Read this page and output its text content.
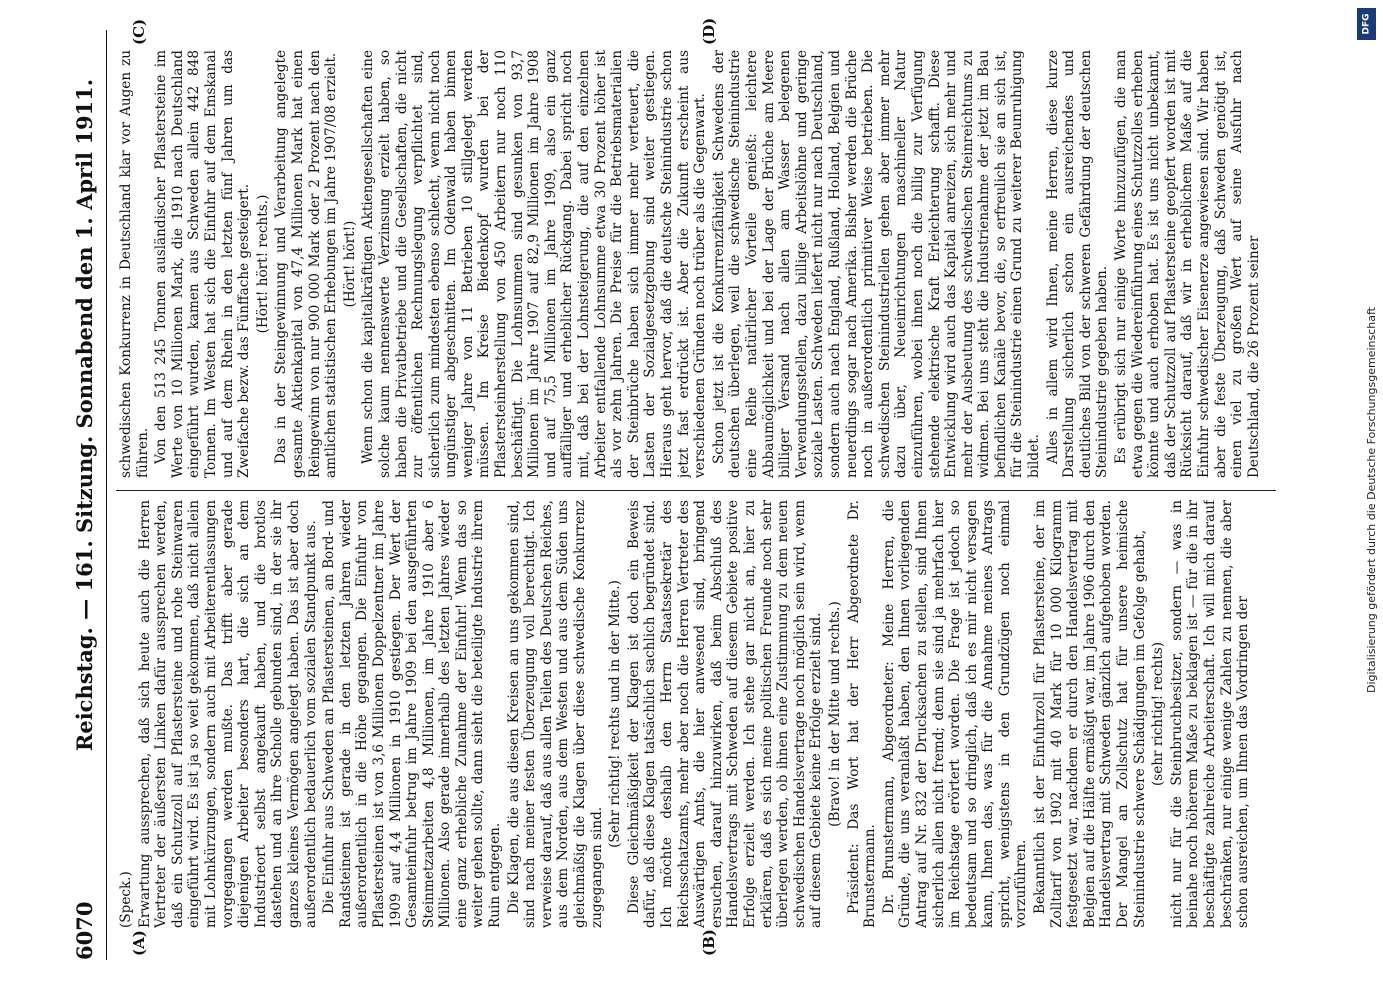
6070
Reichstag. — 161. Sitzung. Sonnabend den 1. April 1911.
(A)	(B)
(C)	(D)

(Speck.) Erwartung aussprechen, daß sich heute auch die Herren Vertreter der äußersten Linken dafür aussprechen werden, daß ein Schutzzoll auf Pflastersteine und rohe Steinwaren eingeführt wird. Es ist ja so weit gekommen, daß nicht allein mit Lohnkürzungen, sondern auch mit Arbeiterentlassungen vorgegangen werden mußte. Das trifft aber gerade diejenigen Arbeiter besonders hart, die sich an dem Industrieort selbst angekauft haben, und die brotlos dastehen und an ihre Scholle gebunden sind, in der sie ihr ganzes kleines Vermögen angelegt haben. Das ist aber doch außerordentlich bedauerlich vom sozialen Standpunkt aus. Die Einfuhr aus Schweden an Pflastersteinen, an Bord- und Randsteinen ist gerade in den letzten Jahren wieder außerordentlich in die Höhe gegangen. Die Einfuhr von Pflastersteinen ist von 3,6 Millionen Doppelzentner im Jahre 1909 auf 4,4 Millionen in 1910 gestiegen. Der Wert der Gesamteinfuhr betrug im Jahre 1909 bei den ausgeführten Steinmetzarbeiten 4,8 Millionen, im Jahre 1910 aber 6 Millionen. Also gerade innerhalb des letzten Jahres wieder eine ganz erhebliche Zunahme der Einfuhr! Wenn das so weiter gehen sollte, dann sieht die beteiligte Industrie ihrem Ruin entgegen. Die Klagen, die aus diesen Kreisen an uns gekommen sind, sind nach meiner festen Überzeugung voll berechtigt. Ich verweise darauf, daß aus allen Teilen des Deutschen Reiches, aus dem Norden, aus dem Westen und aus dem Süden uns gleichmäßig die Klagen über diese schwedische Konkurrenz zugegangen sind.

(Sehr richtig! rechts und in der Mitte.) Diese Gleichmäßigkeit der Klagen ist doch ein Beweis dafür, daß diese Klagen tatsächlich sachlich begründet sind. Ich möchte deshalb den Herrn Staatssekretär des Reichsschatzamts, mehr aber noch die Herren Vertreter des Auswärtigen Amts, die hier anwesend sind, bringend ersuchen, darauf hinzuwirken, daß beim Abschluß des Handelsvertrags mit Schweden auf diesem Gebiete positive Erfolge erzielt werden. Ich stehe gar nicht an, hier zu erklären, daß es sich meine politischen Freunde noch sehr überlegen werden, ob ihnen eine Zustimmung zu dem neuen schwedischen Handelsvertrage noch möglich sein wird, wenn auf diesem Gebiete keine Erfolge erzielt sind. (Bravo! in der Mitte und rechts.) Präsident: Das Wort hat der Herr Abgeordnete Dr. Brunstermann. Dr. Brunstermann, Abgeordneter: Meine Herren, die Gründe, die uns veranlaßt haben, den Ihnen vorliegenden Antrag auf Nr. 832 der Drucksachen zu stellen, sind Ihnen sicherlich allen nicht fremd; denn sie sind ja mehrfach hier im Reichstage erörtert worden. Die Frage ist jedoch so bedeutsam und so dringlich, daß ich es mir nicht versagen kann, Ihnen das, was für die Annahme meines Antrags spricht, wenigstens in den Grundzügen noch einmal vorzuführen. Bekanntlich ist der Einfuhrzoll für Pflastersteine, der im Zolltarif von 1902 mit 40 Mark für 10 000 Kilogramm festgesetzt war, nachdem er durch den Handelsvertrag mit Belgien auf die Hälfte ermäßigt war, im Jahre 1906 durch den Handelsvertrag mit Schweden gänzlich aufgehoben worden. Der Mangel an Zollschutz hat für unsere heimische Steinindustrie schwere Schädigungen im Gefolge gehabt, (sehr richtig! rechts) nicht nur für die Steinbruchbesitzer, sondern — was in beinahe noch höherem Maße zu beklagen ist — für die in ihr beschäftigte zahlreiche Arbeiterschaft. Ich will mich darauf beschränken, nur einige wenige Zahlen zu nennen, die aber schon ausreichen, um Ihnen das Vordringen der

schwedischen Konkurrenz in Deutschland klar vor Augen zu führen. Von den 513 245 Tonnen ausländischer Pflastersteine im Werte von 10 Millionen Mark, die 1910 nach Deutschland eingeführt wurden, kamen aus Schweden allein 442 848 Tonnen. Im Westen hat sich die Einfuhr auf dem Emskanal und auf dem Rhein in den letzten fünf Jahren um das Zweifache bezw. das Fünffache gesteigert. (Hört! hört! rechts.) Das in der Steingewinnung und Verarbeitung angelegte gesamte Aktienkapital von 47,4 Millionen Mark hat einen Reingewinn von nur 900 000 Mark oder 2 Prozent nach den amtlichen statistischen Erhebungen im Jahre 1907/08 erzielt. (Hört! hört!) Wenn schon die kapitalkräftigen Aktiengesellschaften eine solche kaum nennenswerte Verzinsung erzielt haben, so haben die Privatbetriebe und die Gesellschaften, die nicht zur öffentlichen Rechnungslegung verpflichtet sind, sicherlich zum mindesten ebenso schlecht, wenn nicht noch ungünstiger abgeschnitten. Im Odenwald haben binnen weniger Jahre von 11 Betrieben 10 stillgelegt werden müssen. Im Kreise Biedenkopf wurden bei der Pflastersteinherstellung von 450 Arbeitern nur noch 110 beschäftigt. Die Lohnsummen sind gesunken von 93,7 Millionen im Jahre 1907 auf 82,9 Millionen im Jahre 1908 und auf 75,5 Millionen im Jahre 1909, also ein ganz auffälliger und erheblicher Rückgang. Dabei spricht noch mit, daß bei der Lohnsteigerung, die auf den einzelnen Arbeiter entfallende Lohnsumme etwa 30 Prozent höher ist als vor zehn Jahren. Die Preise für die Betriebsmaterialien der Steinbrüche haben sich immer mehr verteuert, die Lasten der Sozialgesetzgebung sind weiter gestiegen. Hieraus geht hervor, daß die deutsche Steinindustrie schon jetzt fast erdrückt ist. Aber die Zukunft erscheint aus verschiedenen Gründen noch trüber als die Gegenwart. Schon jetzt ist die Konkurrenzfähigkeit Schwedens der deutschen überlegen, weil die schwedische Steinindustrie eine Reihe natürlicher Vorteile genießt: leichtere Abbaumöglichkeit und bei der Lage der Brüche am Meere billiger Versand nach allen am Wasser belegenen Verwendungsstellen, dazu billige Arbeitslöhne und geringe soziale Lasten. Schweden liefert nicht nur nach Deutschland, sondern auch nach England, Rußland, Holland, Belgien und neuerdings sogar nach Amerika. Bisher werden die Brüche noch in außerordentlich primitiver Weise betrieben. Die schwedischen Steinindustriellen gehen aber immer mehr dazu über, Neueinrichtungen maschineller Natur einzuführen, wobei ihnen noch die billig zur Verfügung stehende elektrische Kraft Erleichterung schafft. Diese Entwicklung wird auch das Kapital anreizen, sich mehr und mehr der Ausbeutung des schwedischen Steinreichtums zu widmen. Bei uns steht die Industrienahme der jetzt im Bau befindlichen Kanäle bevor, die, so erfreulich sie an sich ist, für die Steinindustrie einen Grund zu weiterer Beunruhigung bildet. Alles in allem wird Ihnen, meine Herren, diese kurze Darstellung sicherlich schon ein ausreichendes und deutliches Bild von der schweren Gefährdung der deutschen Steinindustrie gegeben haben. Es erübrigt sich nur einige Worte hinzuzufügen, die man etwa gegen die Wiedereinführung eines Schutzzolles erheben könnte und auch erhoben hat. Es ist uns nicht unbekannt, daß der Schutzzoll auf Pflastersteine geopfert worden ist mit Rücksicht darauf, daß wir in erheblichem Maße auf die Einfuhr schwedischer Eisenerze angewiesen sind. Wir haben aber die feste Überzeugung, daß Schweden genötigt ist, einen viel zu großen Wert auf seine Ausfuhr nach Deutschland, die 26 Prozent seiner

DFG
Digitalisierung gefördert durch die Deutsche Forschungsgemeinschaft
